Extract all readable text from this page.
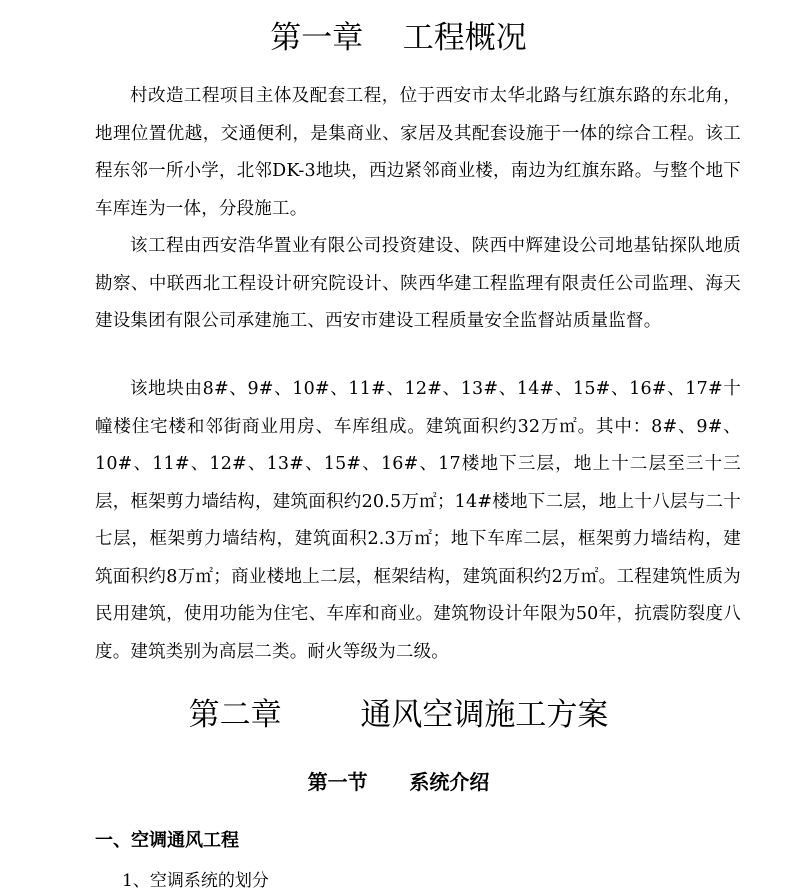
第一章    工程概况

村改造工程项目主体及配套工程，位于西安市太华北路与红旗东路的东北角，地理位置优越，交通便利，是集商业、家居及其配套设施于一体的综合工程。该工程东邻一所小学，北邻DK-3地块，西边紧邻商业楼，南边为红旗东路。与整个地下车库连为一体，分段施工。

该工程由西安浩华置业有限公司投资建设、陕西中辉建设公司地基钻探队地质勘察、中联西北工程设计研究院设计、陕西华建工程监理有限责任公司监理、海天建设集团有限公司承建施工、西安市建设工程质量安全监督站质量监督。

该地块由8#、9#、10#、11#、12#、13#、14#、15#、16#、17#十幢楼住宅楼和邻街商业用房、车库组成。建筑面积约32万㎡。其中：8#、9#、10#、11#、12#、13#、15#、16#、17楼地下三层，地上十二层至三十三层，框架剪力墙结构，建筑面积约20.5万㎡；14#楼地下二层，地上十八层与二十七层，框架剪力墙结构，建筑面积2.3万㎡；地下车库二层，框架剪力墙结构，建筑面积约8万㎡；商业楼地上二层，框架结构，建筑面积约2万㎡。工程建筑性质为民用建筑，使用功能为住宅、车库和商业。建筑物设计年限为50年，抗震防裂度八度。建筑类别为高层二类。耐火等级为二级。

第二章        通风空调施工方案
第一节      系统介绍
一、空调通风工程

1、空调系统的划分
